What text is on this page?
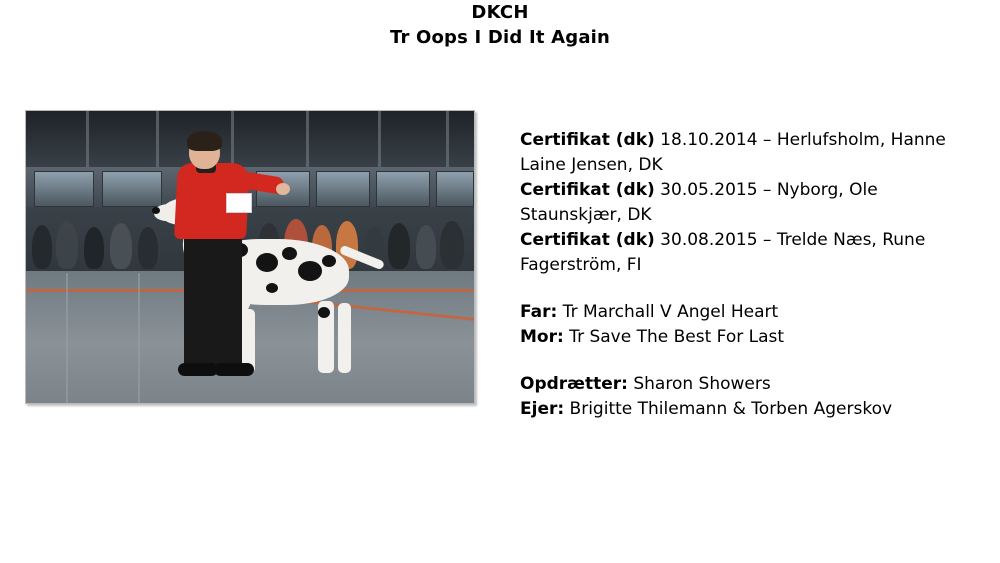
DKCH
Tr Oops I Did It Again

Certifikat (dk) 18.10.2014 – Herlufsholm, Hanne Laine Jensen, DK

Certifikat (dk) 30.05.2015 – Nyborg, Ole Staunskjær, DK

Certifikat (dk) 30.08.2015 – Trelde Næs, Rune Fagerström, FI

Far: Tr Marchall V Angel Heart

Mor: Tr Save The Best For Last

Opdrætter: Sharon Showers

Ejer: Brigitte Thilemann & Torben Agerskov
